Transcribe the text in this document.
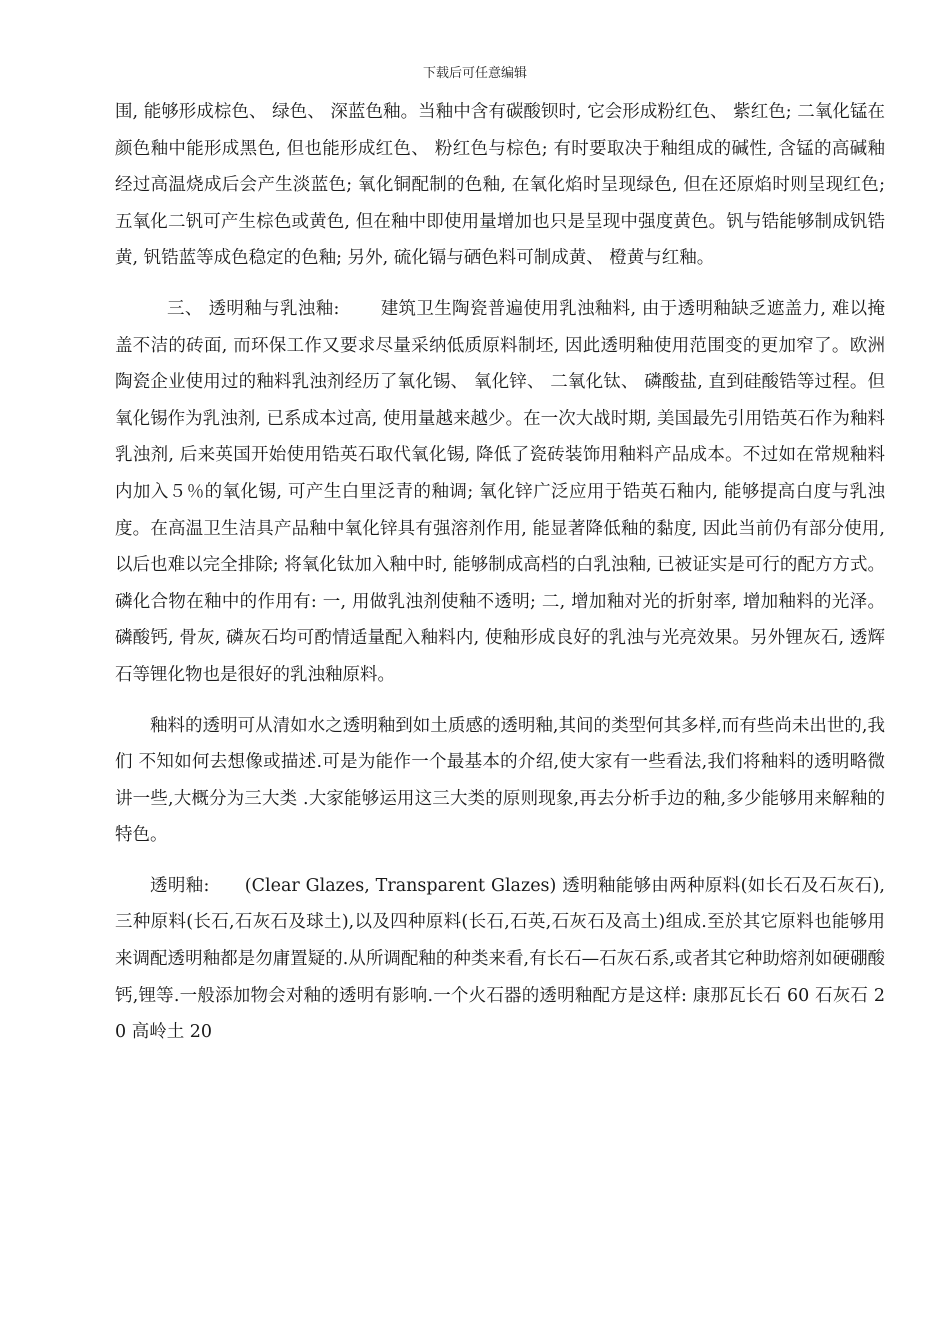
下载后可任意编辑

围, 能够形成棕色、 绿色、 深蓝色釉。当釉中含有碳酸钡时, 它会形成粉红色、 紫红色; 二氧化锰在颜色釉中能形成黑色, 但也能形成红色、 粉红色与棕色; 有时要取决于釉组成的碱性, 含锰的高碱釉经过高温烧成后会产生淡蓝色; 氧化铜配制的色釉, 在氧化焰时呈现绿色, 但在还原焰时则呈现红色; 五氧化二钒可产生棕色或黄色, 但在釉中即使用量增加也只是呈现中强度黄色。钒与锆能够制成钒锆黄, 钒锆蓝等成色稳定的色釉; 另外, 硫化镉与硒色料可制成黄、 橙黄与红釉。

三、 透明釉与乳浊釉:       建筑卫生陶瓷普遍使用乳浊釉料, 由于透明釉缺乏遮盖力, 难以掩盖不洁的砖面, 而环保工作又要求尽量采纳低质原料制坯, 因此透明釉使用范围变的更加窄了。欧洲陶瓷企业使用过的釉料乳浊剂经历了氧化锡、 氧化锌、 二氧化钛、 磷酸盐, 直到硅酸锆等过程。但氧化锡作为乳浊剂, 已系成本过高, 使用量越来越少。在一次大战时期, 美国最先引用锆英石作为釉料乳浊剂, 后来英国开始使用锆英石取代氧化锡, 降低了瓷砖装饰用釉料产品成本。不过如在常规釉料内加入５％的氧化锡, 可产生白里泛青的釉调; 氧化锌广泛应用于锆英石釉内, 能够提高白度与乳浊度。在高温卫生洁具产品釉中氧化锌具有强溶剂作用, 能显著降低釉的黏度, 因此当前仍有部分使用, 以后也难以完全排除; 将氧化钛加入釉中时, 能够制成高档的白乳浊釉, 已被证实是可行的配方方式。磷化合物在釉中的作用有: 一, 用做乳浊剂使釉不透明; 二, 增加釉对光的折射率, 增加釉料的光泽。磷酸钙, 骨灰, 磷灰石均可酌情适量配入釉料内, 使釉形成良好的乳浊与光亮效果。另外锂灰石, 透辉石等锂化物也是很好的乳浊釉原料。

釉料的透明可从清如水之透明釉到如土质感的透明釉,其间的类型何其多样,而有些尚未出世的,我们 不知如何去想像或描述.可是为能作一个最基本的介绍,使大家有一些看法,我们将釉料的透明略微讲一些,大概分为三大类 .大家能够运用这三大类的原则现象,再去分析手边的釉,多少能够用来解釉的特色。

透明釉:      (Clear Glazes, Transparent Glazes) 透明釉能够由两种原料(如长石及石灰石),三种原料(长石,石灰石及球土),以及四种原料(长石,石英,石灰石及高土)组成.至於其它原料也能够用来调配透明釉都是勿庸置疑的.从所调配釉的种类来看,有长石—石灰石系,或者其它种助熔剂如硬硼酸钙,锂等.一般添加物会对釉的透明有影响.一个火石器的透明釉配方是这样: 康那瓦长石 60 石灰石 20 高岭土 20
